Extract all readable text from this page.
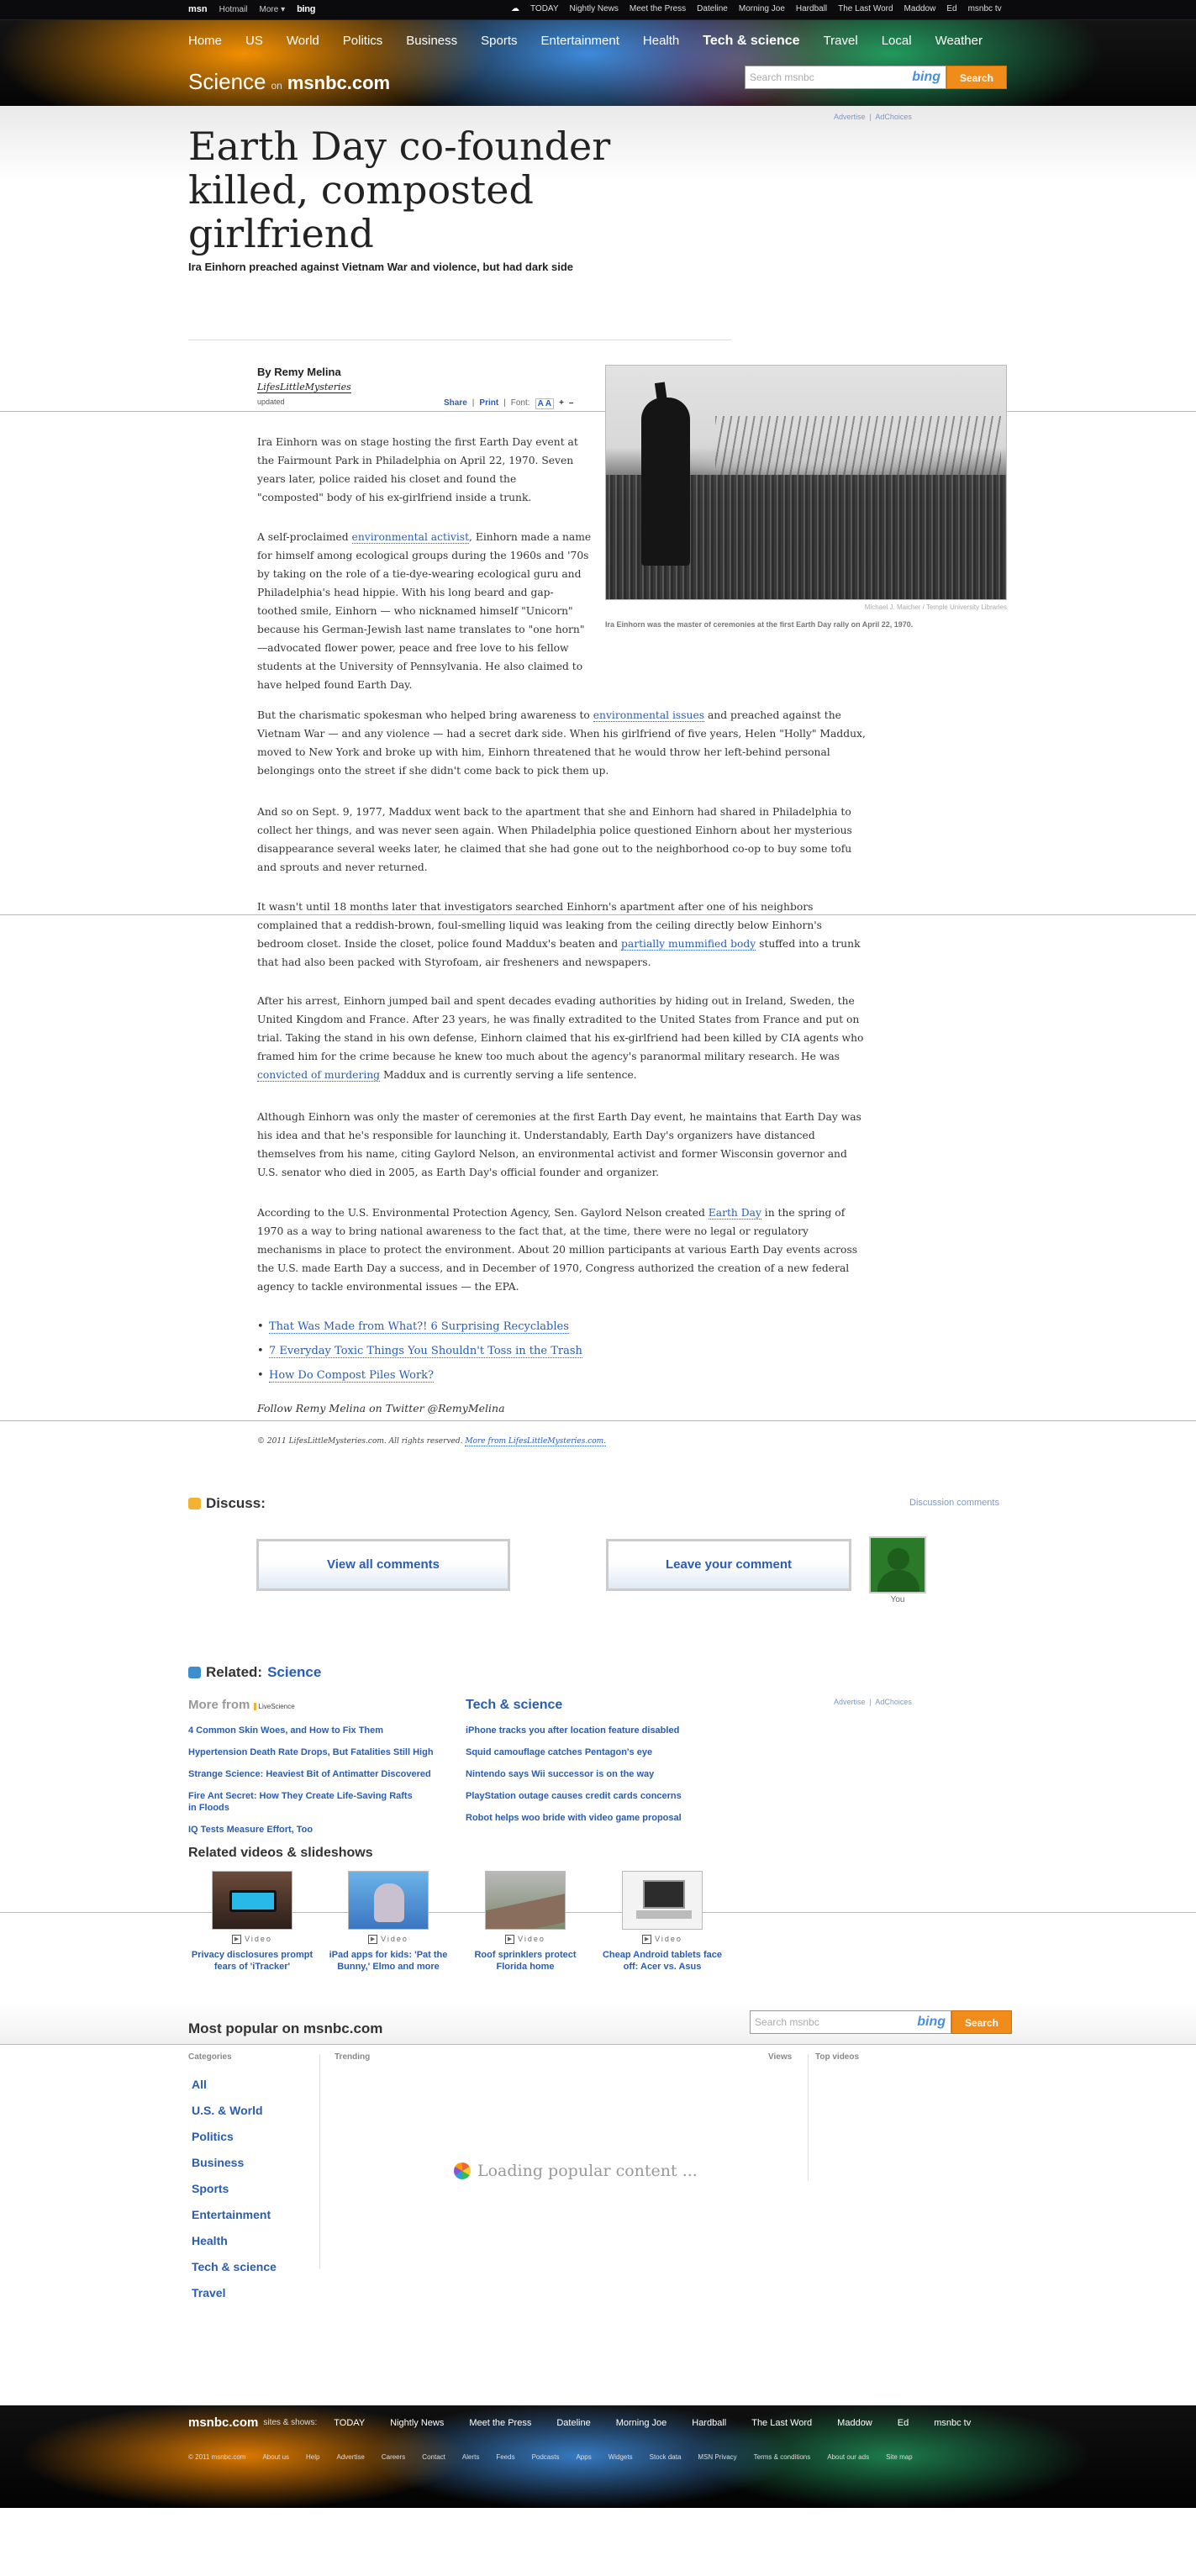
msn Hotmail More ▾ bing	☁ TODAY Nightly News Meet the Press Dateline Morning Joe Hardball The Last Word Maddow Ed msnbc tv
Home US World Politics Business Sports Entertainment Health Tech & science Travel Local Weather
Science on msnbc.com	Search msnbc	bing	Search
Advertise  |  AdChoices
Earth Day co-founder killed, composted girlfriend
Ira Einhorn preached against Vietnam War and violence, but had dark side
By Remy Melina
LifesLittleMysteries
updated	Share | Print | Font: A A + –
Michael J. Maicher / Temple University Libraries
Ira Einhorn was the master of ceremonies at the first Earth Day rally on April 22, 1970.

Ira Einhorn was on stage hosting the first Earth Day event at the Fairmount Park in Philadelphia on April 22, 1970. Seven years later, police raided his closet and found the "composted" body of his ex-girlfriend inside a trunk.

A self-proclaimed environmental activist, Einhorn made a name for himself among ecological groups during the 1960s and '70s by taking on the role of a tie-dye-wearing ecological guru and Philadelphia's head hippie. With his long beard and gap-toothed smile, Einhorn — who nicknamed himself "Unicorn" because his German-Jewish last name translates to "one horn" —advocated flower power, peace and free love to his fellow students at the University of Pennsylvania. He also claimed to have helped found Earth Day.

But the charismatic spokesman who helped bring awareness to environmental issues and preached against the Vietnam War — and any violence — had a secret dark side. When his girlfriend of five years, Helen "Holly" Maddux, moved to New York and broke up with him, Einhorn threatened that he would throw her left-behind personal belongings onto the street if she didn't come back to pick them up.

And so on Sept. 9, 1977, Maddux went back to the apartment that she and Einhorn had shared in Philadelphia to collect her things, and was never seen again. When Philadelphia police questioned Einhorn about her mysterious disappearance several weeks later, he claimed that she had gone out to the neighborhood co-op to buy some tofu and sprouts and never returned.

It wasn't until 18 months later that investigators searched Einhorn's apartment after one of his neighbors complained that a reddish-brown, foul-smelling liquid was leaking from the ceiling directly below Einhorn's bedroom closet. Inside the closet, police found Maddux's beaten and partially mummified body stuffed into a trunk that had also been packed with Styrofoam, air fresheners and newspapers.

After his arrest, Einhorn jumped bail and spent decades evading authorities by hiding out in Ireland, Sweden, the United Kingdom and France. After 23 years, he was finally extradited to the United States from France and put on trial. Taking the stand in his own defense, Einhorn claimed that his ex-girlfriend had been killed by CIA agents who framed him for the crime because he knew too much about the agency's paranormal military research. He was convicted of murdering Maddux and is currently serving a life sentence.

Although Einhorn was only the master of ceremonies at the first Earth Day event, he maintains that Earth Day was his idea and that he's responsible for launching it. Understandably, Earth Day's organizers have distanced themselves from his name, citing Gaylord Nelson, an environmental activist and former Wisconsin governor and U.S. senator who died in 2005, as Earth Day's official founder and organizer.

According to the U.S. Environmental Protection Agency, Sen. Gaylord Nelson created Earth Day in the spring of 1970 as a way to bring national awareness to the fact that, at the time, there were no legal or regulatory mechanisms in place to protect the environment. About 20 million participants at various Earth Day events across the U.S. made Earth Day a success, and in December of 1970, Congress authorized the creation of a new federal agency to tackle environmental issues — the EPA.

• That Was Made from What?! 6 Surprising Recyclables
• 7 Everyday Toxic Things You Shouldn't Toss in the Trash
• How Do Compost Piles Work?
Follow Remy Melina on Twitter @RemyMelina
© 2011 LifesLittleMysteries.com. All rights reserved. More from LifesLittleMysteries.com.
Discuss:	Discussion comments
View all comments	Leave your comment
You
Related: Science
More from LiveScience
Advertise  |  AdChoices
Tech & science
4 Common Skin Woes, and How to Fix Them
Hypertension Death Rate Drops, But Fatalities Still High
Strange Science: Heaviest Bit of Antimatter Discovered
Fire Ant Secret: How They Create Life-Saving Rafts in Floods
IQ Tests Measure Effort, Too
iPhone tracks you after location feature disabled
Squid camouflage catches Pentagon's eye
Nintendo says Wii successor is on the way
PlayStation outage causes credit cards concerns
Robot helps woo bride with video game proposal
Related videos & slideshows
▶ Video
Privacy disclosures prompt fears of 'iTracker'
▶ Video
iPad apps for kids: 'Pat the Bunny,' Elmo and more
▶ Video
Roof sprinklers protect Florida home
▶ Video
Cheap Android tablets face off: Acer vs. Asus
Most popular on msnbc.com	Search msnbc	bing	Search
Categories	Trending	Views	Top videos
All
U.S. & World
Politics
Business
Sports
Entertainment
Health
Tech & science
Travel
Loading popular content ...
msnbc.com sites & shows: TODAY	Nightly News	Meet the Press	Dateline	Morning Joe	Hardball	The Last Word	Maddow	Ed	msnbc tv
© 2011 msnbc.com	About us	Help	Advertise	Careers	Contact	Alerts	Feeds	Podcasts	Apps	Widgets	Stock data	MSN Privacy	Terms & conditions	About our ads	Site map
